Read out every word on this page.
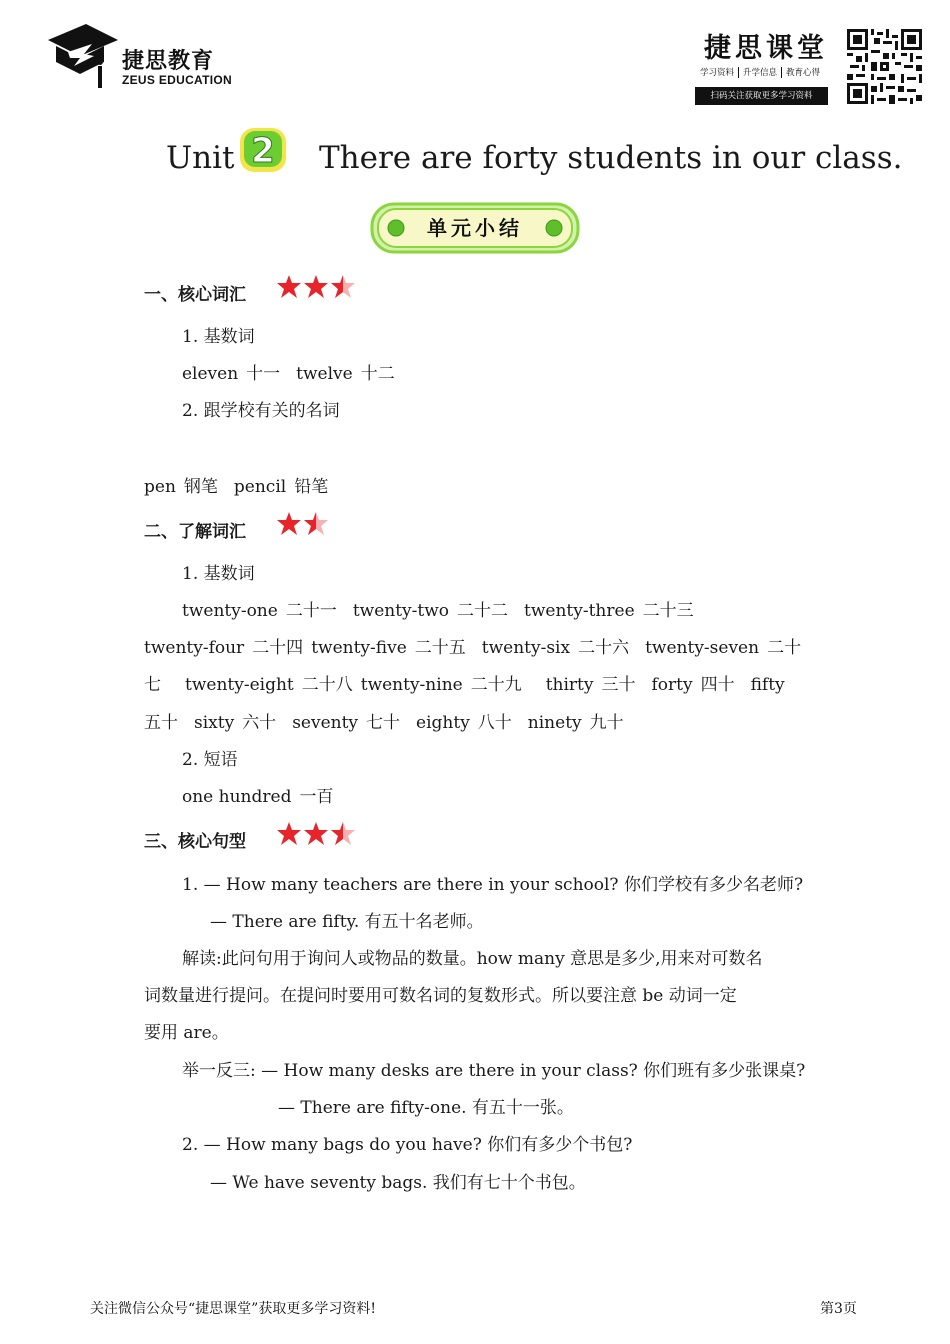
捷思教育
ZEUS EDUCATION
捷思课堂
学习资料 升学信息 教育心得
扫码关注获取更多学习资料
Unit 2 There are forty students in our class.
单元小结
一、核心词汇
1. 基数词
eleven 十一 twelve 十二
2. 跟学校有关的名词
pen 钢笔 pencil 铅笔
二、了解词汇
1. 基数词
twenty-one 二十一 twenty-two 二十二 twenty-three 二十三
twenty-four 二十四 twenty-five 二十五 twenty-six 二十六 twenty-seven 二十
七 twenty-eight 二十八 twenty-nine 二十九 thirty 三十 forty 四十 fifty
五十 sixty 六十 seventy 七十 eighty 八十 ninety 九十
2. 短语
one hundred 一百
三、核心句型
1. — How many teachers are there in your school? 你们学校有多少名老师?
— There are fifty. 有五十名老师。
解读:此问句用于询问人或物品的数量。how many 意思是多少,用来对可数名
词数量进行提问。在提问时要用可数名词的复数形式。所以要注意 be 动词一定
要用 are。
举一反三: — How many desks are there in your class? 你们班有多少张课桌?
— There are fifty-one. 有五十一张。
2. — How many bags do you have? 你们有多少个书包?
— We have seventy bags. 我们有七十个书包。
关注微信公众号“捷思课堂”获取更多学习资料!	第3页
